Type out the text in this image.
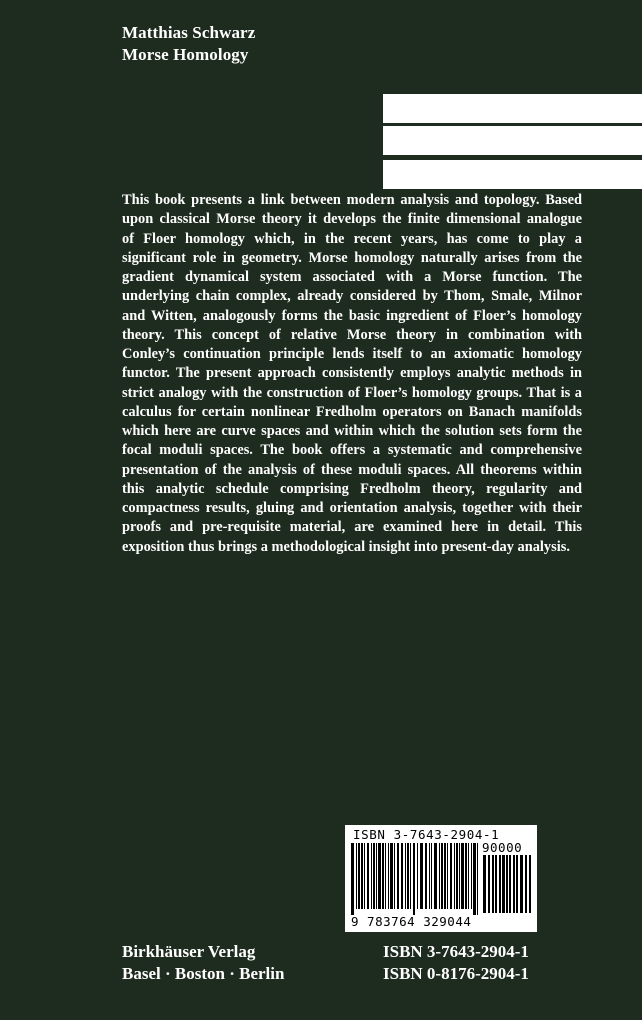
Matthias Schwarz
Morse Homology

This book presents a link between modern analysis and topology. Based
upon classical Morse theory it develops the finite dimensional analogue
of Floer homology which, in the recent years, has come to play a
significant role in geometry. Morse homology naturally arises from the
gradient dynamical system associated with a Morse function. The
underlying chain complex, already considered by Thom, Smale, Milnor
and Witten, analogously forms the basic ingredient of Floer’s homology
theory. This concept of relative Morse theory in combination with
Conley’s continuation principle lends itself to an axiomatic homology
functor. The present approach consistently employs analytic methods in
strict analogy with the construction of Floer’s homology groups. That is a
calculus for certain nonlinear Fredholm operators on Banach manifolds
which here are curve spaces and within which the solution sets form the
focal moduli spaces. The book offers a systematic and comprehensive
presentation of the analysis of these moduli spaces. All theorems within
this analytic schedule comprising Fredholm theory, regularity and
compactness results, gluing and orientation analysis, together with their
proofs and pre-requisite material, are examined here in detail. This
exposition thus brings a methodological insight into present-day analysis.

ISBN 3-7643-2904-1
90000
9 783764 329044
Birkhäuser Verlag
Basel · Boston · Berlin
ISBN 3-7643-2904-1
ISBN 0-8176-2904-1
